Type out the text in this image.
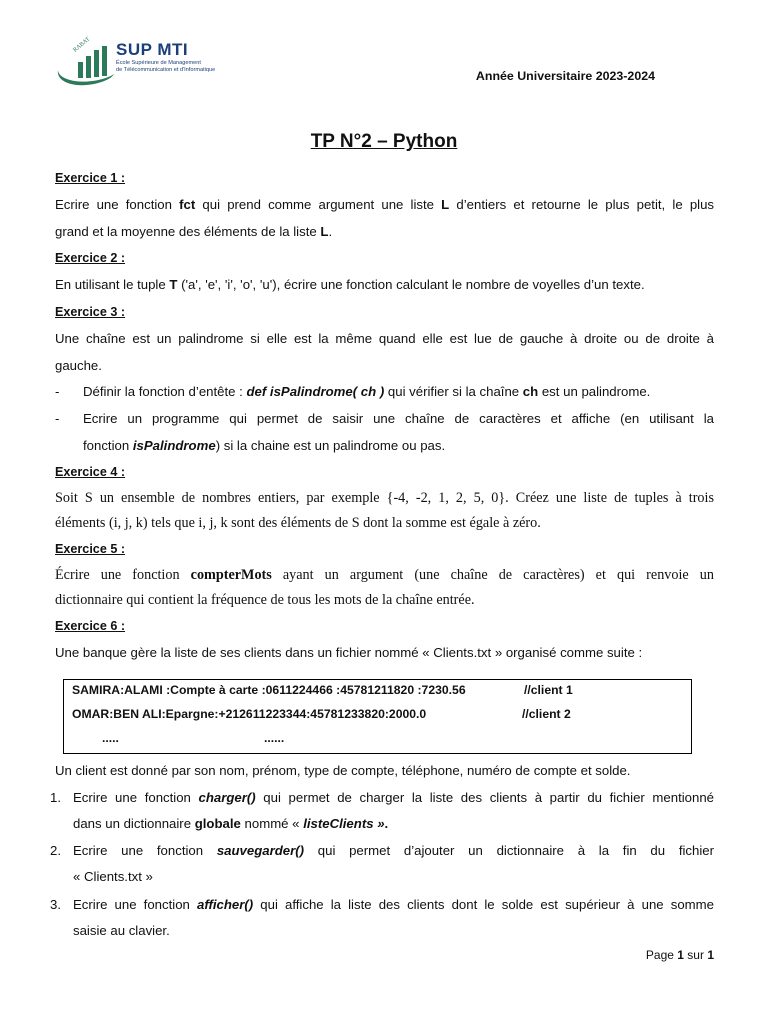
RABAT SUP MTI
École Supérieure de Management
de Télécommunication et d'Informatique	Année Universitaire 2023-2024
TP N°2 – Python
Exercice 1 :
Ecrire une fonction fct qui prend comme argument une liste L d’entiers et retourne le plus petit, le plus
grand et la moyenne des éléments de la liste L.
Exercice 2 :
En utilisant le tuple T ('a', 'e', 'i', 'o', 'u'), écrire une fonction calculant le nombre de voyelles d’un texte.
Exercice 3 :
Une chaîne est un palindrome si elle est la même quand elle est lue de gauche à droite ou de droite à
gauche.
- Définir la fonction d’entête : def isPalindrome( ch ) qui vérifier si la chaîne ch est un palindrome.
- Ecrire un programme qui permet de saisir une chaîne de caractères et affiche (en utilisant la
fonction isPalindrome) si la chaine est un palindrome ou pas.
Exercice 4 :
Soit S un ensemble de nombres entiers, par exemple {-4, -2, 1, 2, 5, 0}. Créez une liste de tuples à trois
éléments (i, j, k) tels que i, j, k sont des éléments de S dont la somme est égale à zéro.
Exercice 5 :
Écrire une fonction compterMots ayant un argument (une chaîne de caractères) et qui renvoie un
dictionnaire qui contient la fréquence de tous les mots de la chaîne entrée.
Exercice 6 :
Une banque gère la liste de ses clients dans un fichier nommé « Clients.txt » organisé comme suite :
SAMIRA:ALAMI :Compte à carte :0611224466 :45781211820 :7230.56	//client 1
OMAR:BEN ALI:Epargne:+212611223344:45781233820:2000.0	//client 2
.....	......
Un client est donné par son nom, prénom, type de compte, téléphone, numéro de compte et solde.
1. Ecrire une fonction charger() qui permet de charger la liste des clients à partir du fichier mentionné
dans un dictionnaire globale nommé « listeClients ».
2. Ecrire une fonction sauvegarder() qui permet d’ajouter un dictionnaire à la fin du fichier
« Clients.txt »
3. Ecrire une fonction afficher() qui affiche la liste des clients dont le solde est supérieur à une somme
saisie au clavier.
Page 1 sur 1
